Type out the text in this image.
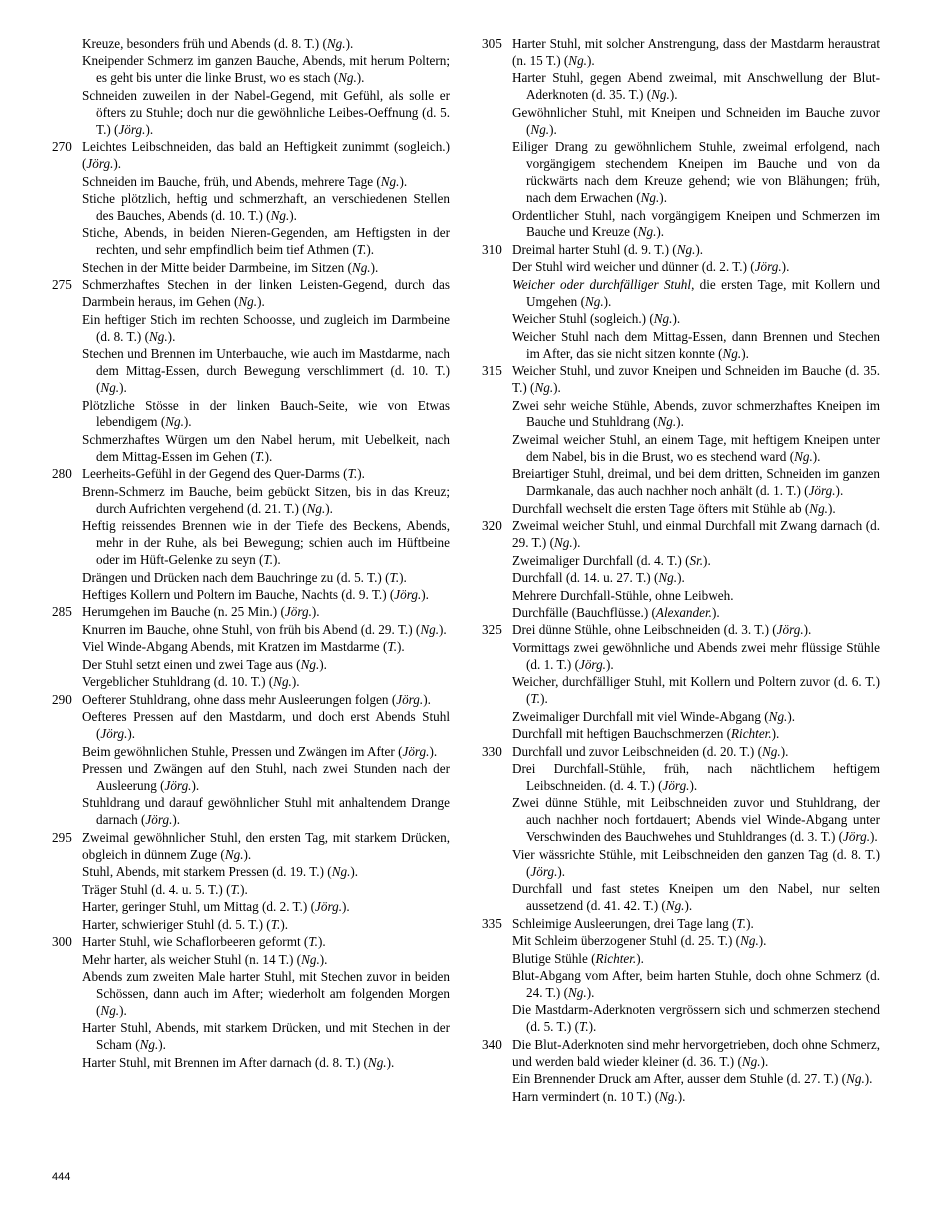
Kreuze, besonders früh und Abends (d. 8. T.) (Ng.).

Kneipender Schmerz im ganzen Bauche, Abends, mit herum Poltern; es geht bis unter die linke Brust, wo es stach (Ng.).

Schneiden zuweilen in der Nabel-Gegend, mit Gefühl, als solle er öfters zu Stuhle; doch nur die gewöhnliche Leibes-Oeffnung (d. 5. T.) (Jörg.).

270 Leichtes Leibschneiden, das bald an Heftigkeit zunimmt (sogleich.) (Jörg.).

Schneiden im Bauche, früh, und Abends, mehrere Tage (Ng.).

Stiche plötzlich, heftig und schmerzhaft, an verschiedenen Stellen des Bauches, Abends (d. 10. T.) (Ng.).

Stiche, Abends, in beiden Nieren-Gegenden, am Heftigsten in der rechten, und sehr empfindlich beim tief Athmen (T.).

Stechen in der Mitte beider Darmbeine, im Sitzen (Ng.).

275 Schmerzhaftes Stechen in der linken Leisten-Gegend, durch das Darmbein heraus, im Gehen (Ng.).

Ein heftiger Stich im rechten Schoosse, und zugleich im Darmbeine (d. 8. T.) (Ng.).

Stechen und Brennen im Unterbauche, wie auch im Mastdarme, nach dem Mittag-Essen, durch Bewegung verschlimmert (d. 10. T.) (Ng.).

Plötzliche Stösse in der linken Bauch-Seite, wie von Etwas lebendigem (Ng.).

Schmerzhaftes Würgen um den Nabel herum, mit Uebelkeit, nach dem Mittag-Essen im Gehen (T.).

280 Leerheits-Gefühl in der Gegend des Quer-Darms (T.).

Brenn-Schmerz im Bauche, beim gebückt Sitzen, bis in das Kreuz; durch Aufrichten vergehend (d. 21. T.) (Ng.).

Heftig reissendes Brennen wie in der Tiefe des Beckens, Abends, mehr in der Ruhe, als bei Bewegung; schien auch im Hüftbeine oder im Hüft-Gelenke zu seyn (T.).

Drängen und Drücken nach dem Bauchringe zu (d. 5. T.) (T.).

Heftiges Kollern und Poltern im Bauche, Nachts (d. 9. T.) (Jörg.).

285 Herumgehen im Bauche (n. 25 Min.) (Jörg.).

Knurren im Bauche, ohne Stuhl, von früh bis Abend (d. 29. T.) (Ng.).

Viel Winde-Abgang Abends, mit Kratzen im Mastdarme (T.).

Der Stuhl setzt einen und zwei Tage aus (Ng.).

Vergeblicher Stuhldrang (d. 10. T.) (Ng.).

290 Oefterer Stuhldrang, ohne dass mehr Ausleerungen folgen (Jörg.).

Oefteres Pressen auf den Mastdarm, und doch erst Abends Stuhl (Jörg.).

Beim gewöhnlichen Stuhle, Pressen und Zwängen im After (Jörg.).

Pressen und Zwängen auf den Stuhl, nach zwei Stunden nach der Ausleerung (Jörg.).

Stuhldrang und darauf gewöhnlicher Stuhl mit anhaltendem Drange darnach (Jörg.).

295 Zweimal gewöhnlicher Stuhl, den ersten Tag, mit starkem Drücken, obgleich in dünnem Zuge (Ng.).

Stuhl, Abends, mit starkem Pressen (d. 19. T.) (Ng.).

Träger Stuhl (d. 4. u. 5. T.) (T.).

Harter, geringer Stuhl, um Mittag (d. 2. T.) (Jörg.).

Harter, schwieriger Stuhl (d. 5. T.) (T.).

300 Harter Stuhl, wie Schaflorbeeren geformt (T.).

Mehr harter, als weicher Stuhl (n. 14 T.) (Ng.).

Abends zum zweiten Male harter Stuhl, mit Stechen zuvor in beiden Schössen, dann auch im After; wiederholt am folgenden Morgen (Ng.).

Harter Stuhl, Abends, mit starkem Drücken, und mit Stechen in der Scham (Ng.).

Harter Stuhl, mit Brennen im After darnach (d. 8. T.) (Ng.).

305 Harter Stuhl, mit solcher Anstrengung, dass der Mastdarm heraustrat (n. 15 T.) (Ng.).

Harter Stuhl, gegen Abend zweimal, mit Anschwellung der Blut-Aderknoten (d. 35. T.) (Ng.).

Gewöhnlicher Stuhl, mit Kneipen und Schneiden im Bauche zuvor (Ng.).

Eiliger Drang zu gewöhnlichem Stuhle, zweimal erfolgend, nach vorgängigem stechendem Kneipen im Bauche und von da rückwärts nach dem Kreuze gehend; wie von Blähungen; früh, nach dem Erwachen (Ng.).

Ordentlicher Stuhl, nach vorgängigem Kneipen und Schmerzen im Bauche und Kreuze (Ng.).

310 Dreimal harter Stuhl (d. 9. T.) (Ng.).

Der Stuhl wird weicher und dünner (d. 2. T.) (Jörg.).

Weicher oder durchfälliger Stuhl, die ersten Tage, mit Kollern und Umgehen (Ng.).

Weicher Stuhl (sogleich.) (Ng.).

Weicher Stuhl nach dem Mittag-Essen, dann Brennen und Stechen im After, das sie nicht sitzen konnte (Ng.).

315 Weicher Stuhl, und zuvor Kneipen und Schneiden im Bauche (d. 35. T.) (Ng.).

Zwei sehr weiche Stühle, Abends, zuvor schmerzhaftes Kneipen im Bauche und Stuhldrang (Ng.).

Zweimal weicher Stuhl, an einem Tage, mit heftigem Kneipen unter dem Nabel, bis in die Brust, wo es stechend ward (Ng.).

Breiartiger Stuhl, dreimal, und bei dem dritten, Schneiden im ganzen Darmkanale, das auch nachher noch anhält (d. 1. T.) (Jörg.).

Durchfall wechselt die ersten Tage öfters mit Stühle ab (Ng.).

320 Zweimal weicher Stuhl, und einmal Durchfall mit Zwang darnach (d. 29. T.) (Ng.).

Zweimaliger Durchfall (d. 4. T.) (Sr.).

Durchfall (d. 14. u. 27. T.) (Ng.).

Mehrere Durchfall-Stühle, ohne Leibweh.

Durchfälle (Bauchflüsse.) (Alexander.).

325 Drei dünne Stühle, ohne Leibschneiden (d. 3. T.) (Jörg.).

Vormittags zwei gewöhnliche und Abends zwei mehr flüssige Stühle (d. 1. T.) (Jörg.).

Weicher, durchfälliger Stuhl, mit Kollern und Poltern zuvor (d. 6. T.) (T.).

Zweimaliger Durchfall mit viel Winde-Abgang (Ng.).

Durchfall mit heftigen Bauchschmerzen (Richter.).

330 Durchfall und zuvor Leibschneiden (d. 20. T.) (Ng.).

Drei Durchfall-Stühle, früh, nach nächtlichem heftigem Leibschneiden. (d. 4. T.) (Jörg.).

Zwei dünne Stühle, mit Leibschneiden zuvor und Stuhldrang, der auch nachher noch fortdauert; Abends viel Winde-Abgang unter Verschwinden des Bauchwehes und Stuhldranges (d. 3. T.) (Jörg.).

Vier wässrichte Stühle, mit Leibschneiden den ganzen Tag (d. 8. T.) (Jörg.).

Durchfall und fast stetes Kneipen um den Nabel, nur selten aussetzend (d. 41. 42. T.) (Ng.).

335 Schleimige Ausleerungen, drei Tage lang (T.).

Mit Schleim überzogener Stuhl (d. 25. T.) (Ng.).

Blutige Stühle (Richter.).

Blut-Abgang vom After, beim harten Stuhle, doch ohne Schmerz (d. 24. T.) (Ng.).

Die Mastdarm-Aderknoten vergrössern sich und schmerzen stechend (d. 5. T.) (T.).

340 Die Blut-Aderknoten sind mehr hervorgetrieben, doch ohne Schmerz, und werden bald wieder kleiner (d. 36. T.) (Ng.).

Ein Brennender Druck am After, ausser dem Stuhle (d. 27. T.) (Ng.).

Harn vermindert (n. 10 T.) (Ng.).

444
